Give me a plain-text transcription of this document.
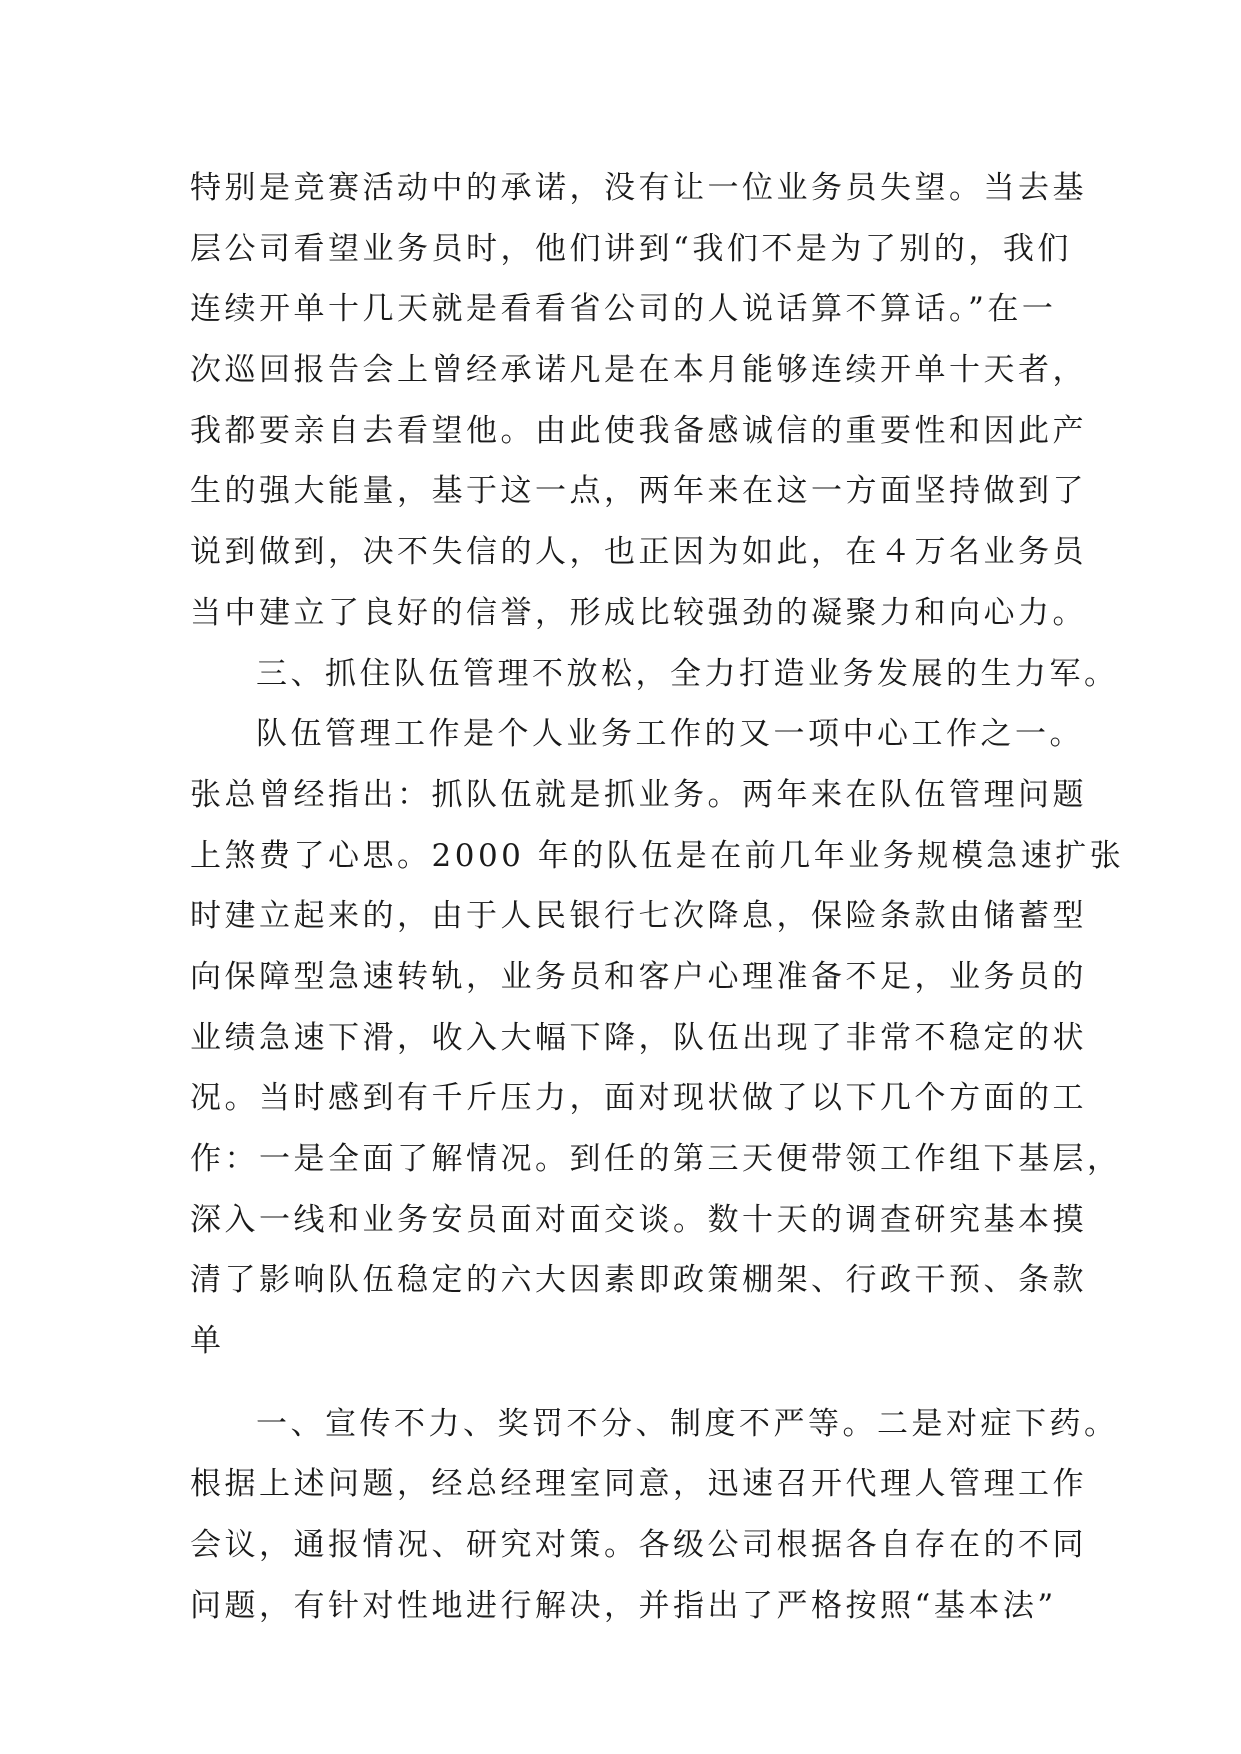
特别是竞赛活动中的承诺，没有让一位业务员失望。当去基
层公司看望业务员时，他们讲到“我们不是为了别的，我们
连续开单十几天就是看看省公司的人说话算不算话。”在一
次巡回报告会上曾经承诺凡是在本月能够连续开单十天者，
我都要亲自去看望他。由此使我备感诚信的重要性和因此产
生的强大能量，基于这一点，两年来在这一方面坚持做到了
说到做到，决不失信的人，也正因为如此，在４万名业务员
当中建立了良好的信誉，形成比较强劲的凝聚力和向心力。
三、抓住队伍管理不放松，全力打造业务发展的生力军。
队伍管理工作是个人业务工作的又一项中心工作之一。
张总曾经指出：抓队伍就是抓业务。两年来在队伍管理问题
上煞费了心思。2000 年的队伍是在前几年业务规模急速扩张
时建立起来的，由于人民银行七次降息，保险条款由储蓄型
向保障型急速转轨，业务员和客户心理准备不足，业务员的
业绩急速下滑，收入大幅下降，队伍出现了非常不稳定的状
况。当时感到有千斤压力，面对现状做了以下几个方面的工
作：一是全面了解情况。到任的第三天便带领工作组下基层，
深入一线和业务安员面对面交谈。数十天的调查研究基本摸
清了影响队伍稳定的六大因素即政策棚架、行政干预、条款
单
一、宣传不力、奖罚不分、制度不严等。二是对症下药。
根据上述问题，经总经理室同意，迅速召开代理人管理工作
会议，通报情况、研究对策。各级公司根据各自存在的不同
问题，有针对性地进行解决，并指出了严格按照“基本法”
